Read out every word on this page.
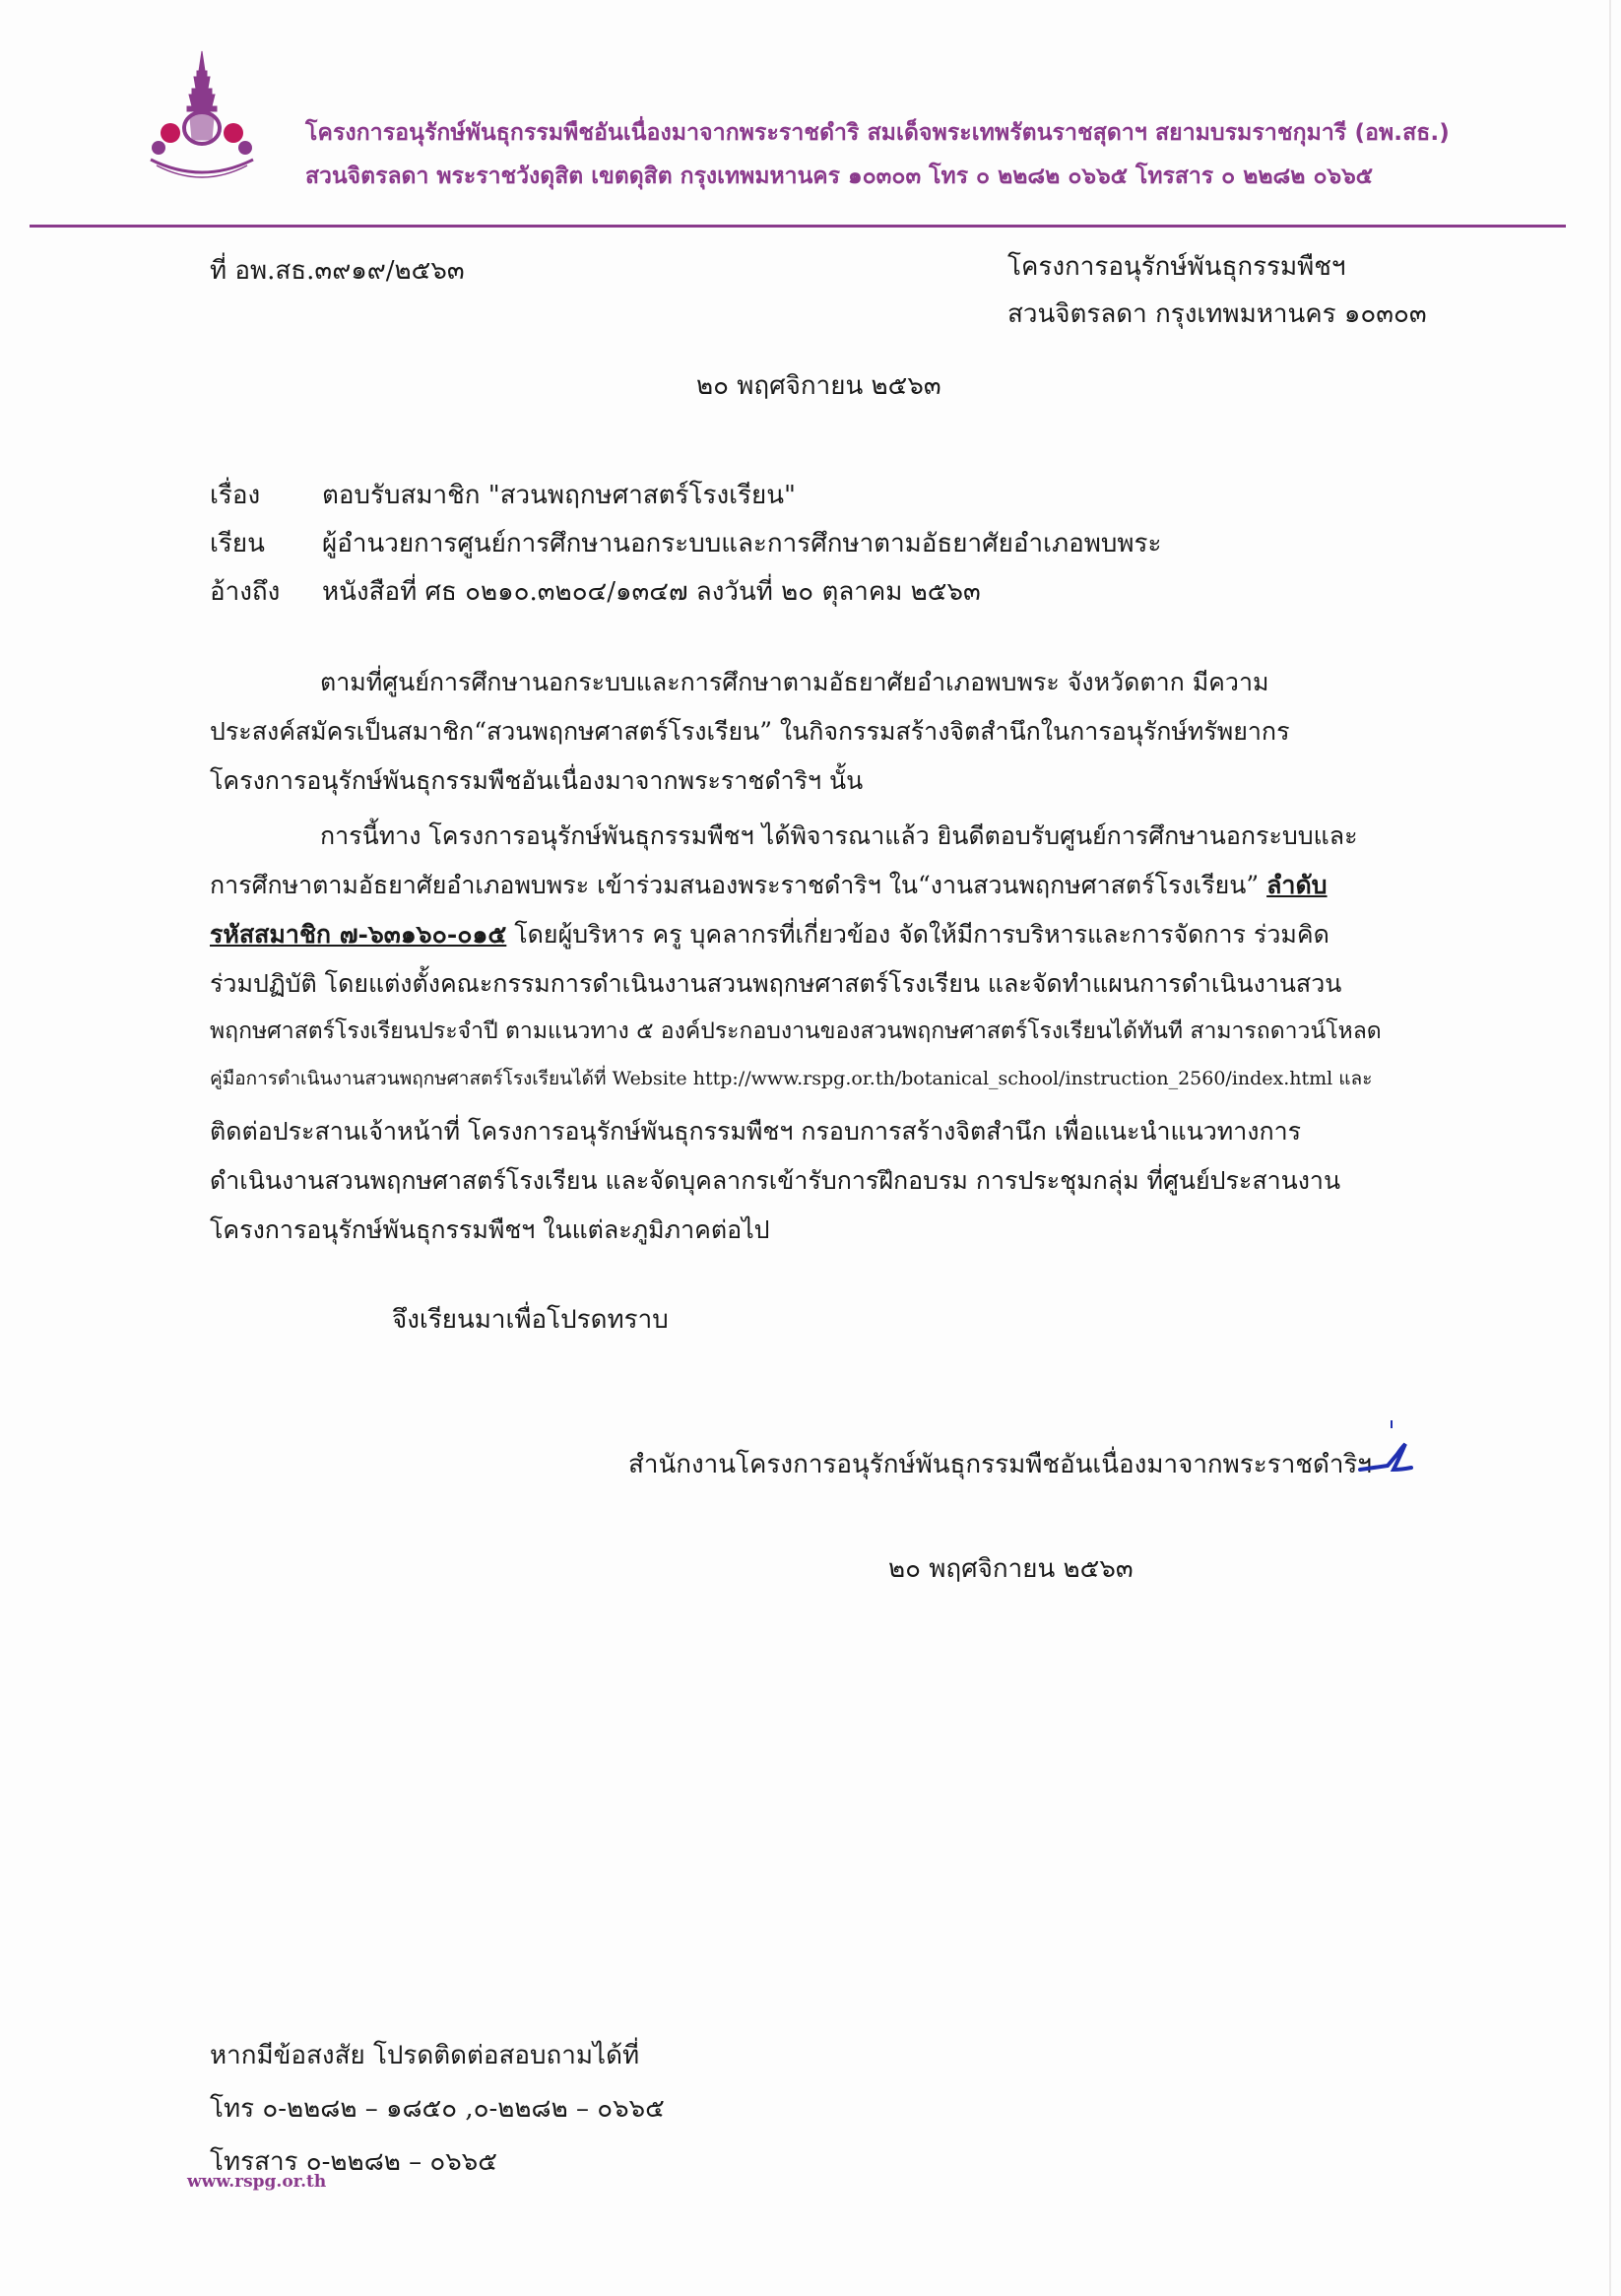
โครงการอนุรักษ์พันธุกรรมพืชอันเนื่องมาจากพระราชดำริ สมเด็จพระเทพรัตนราชสุดาฯ สยามบรมราชกุมารี (อพ.สธ.)
สวนจิตรลดา พระราชวังดุสิต เขตดุสิต กรุงเทพมหานคร ๑๐๓๐๓ โทร ๐ ๒๒๘๒ ๐๖๖๕ โทรสาร ๐ ๒๒๘๒ ๐๖๖๕
ที่ อพ.สธ.๓๙๑๙/๒๕๖๓	โครงการอนุรักษ์พันธุกรรมพืชฯ
สวนจิตรลดา กรุงเทพมหานคร ๑๐๓๐๓
๒๐ พฤศจิกายน ๒๕๖๓
เรื่อง ตอบรับสมาชิก "สวนพฤกษศาสตร์โรงเรียน"
เรียน ผู้อำนวยการศูนย์การศึกษานอกระบบและการศึกษาตามอัธยาศัยอำเภอพบพระ
อ้างถึง หนังสือที่ ศธ ๐๒๑๐.๓๒๐๔/๑๓๔๗ ลงวันที่ ๒๐ ตุลาคม ๒๕๖๓
ตามที่ศูนย์การศึกษานอกระบบและการศึกษาตามอัธยาศัยอำเภอพบพระ จังหวัดตาก มีความ
ประสงค์สมัครเป็นสมาชิก“สวนพฤกษศาสตร์โรงเรียน” ในกิจกรรมสร้างจิตสำนึกในการอนุรักษ์ทรัพยากร
โครงการอนุรักษ์พันธุกรรมพืชอันเนื่องมาจากพระราชดำริฯ นั้น
การนี้ทาง โครงการอนุรักษ์พันธุกรรมพืชฯ ได้พิจารณาแล้ว ยินดีตอบรับศูนย์การศึกษานอกระบบและ
การศึกษาตามอัธยาศัยอำเภอพบพระ เข้าร่วมสนองพระราชดำริฯ ใน“งานสวนพฤกษศาสตร์โรงเรียน” ลำดับ
รหัสสมาชิก ๗-๖๓๑๖๐-๐๑๕ โดยผู้บริหาร ครู บุคลากรที่เกี่ยวข้อง จัดให้มีการบริหารและการจัดการ ร่วมคิด
ร่วมปฏิบัติ โดยแต่งตั้งคณะกรรมการดำเนินงานสวนพฤกษศาสตร์โรงเรียน และจัดทำแผนการดำเนินงานสวน
พฤกษศาสตร์โรงเรียนประจำปี ตามแนวทาง ๕ องค์ประกอบงานของสวนพฤกษศาสตร์โรงเรียนได้ทันที สามารถดาวน์โหลด
คู่มือการดำเนินงานสวนพฤกษศาสตร์โรงเรียนได้ที่ Website http://www.rspg.or.th/botanical_school/instruction_2560/index.html และ
ติดต่อประสานเจ้าหน้าที่ โครงการอนุรักษ์พันธุกรรมพืชฯ กรอบการสร้างจิตสำนึก เพื่อแนะนำแนวทางการ
ดำเนินงานสวนพฤกษศาสตร์โรงเรียน และจัดบุคลากรเข้ารับการฝึกอบรม การประชุมกลุ่ม ที่ศูนย์ประสานงาน
โครงการอนุรักษ์พันธุกรรมพืชฯ ในแต่ละภูมิภาคต่อไป
จึงเรียนมาเพื่อโปรดทราบ
สำนักงานโครงการอนุรักษ์พันธุกรรมพืชอันเนื่องมาจากพระราชดำริฯ
๒๐ พฤศจิกายน ๒๕๖๓
หากมีข้อสงสัย โปรดติดต่อสอบถามได้ที่
โทร ๐-๒๒๘๒ – ๑๘๕๐ ,๐-๒๒๘๒ – ๐๖๖๕
โทรสาร ๐-๒๒๘๒ – ๐๖๖๕
www.rspg.or.th
